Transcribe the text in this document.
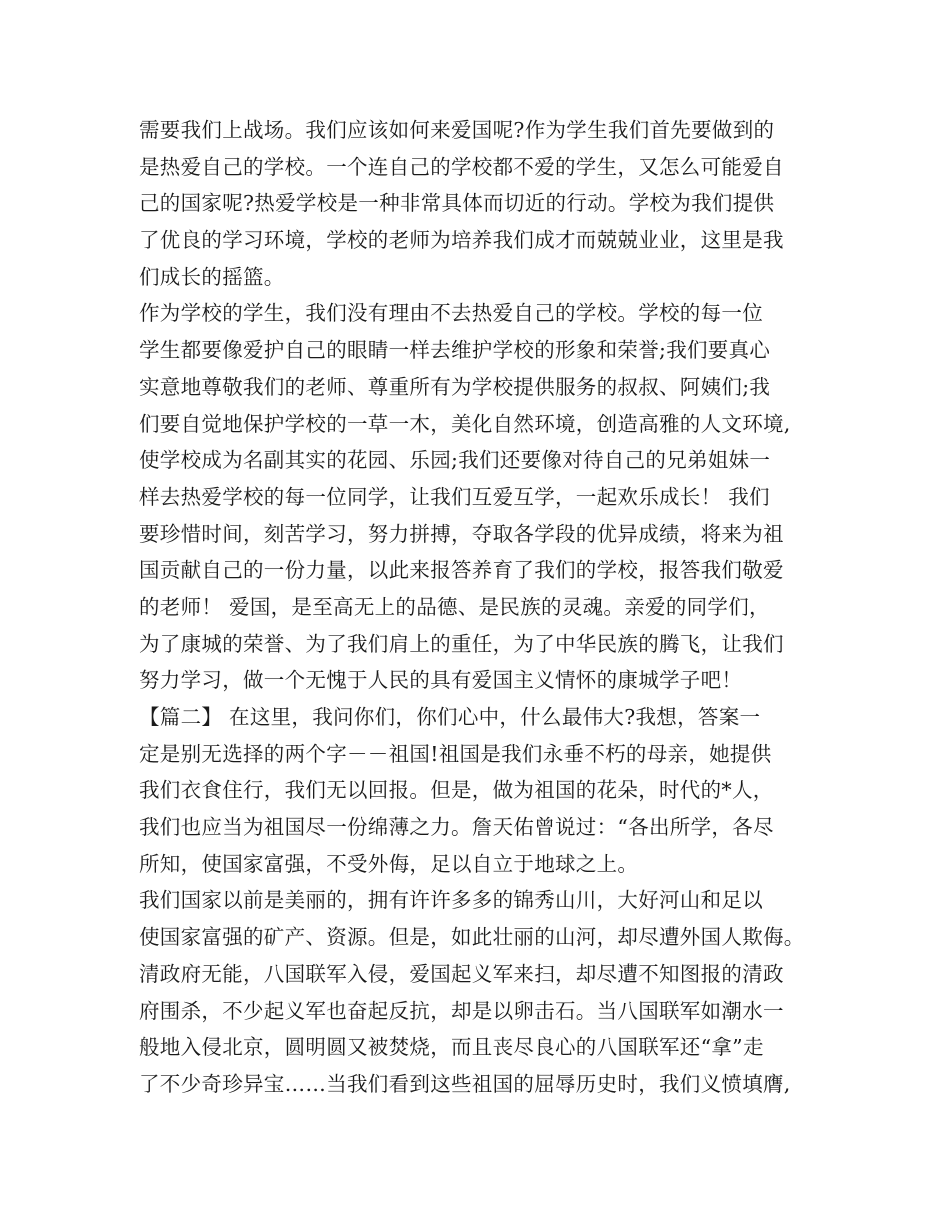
需要我们上战场。我们应该如何来爱国呢?作为学生我们首先要做到的
是热爱自己的学校。一个连自己的学校都不爱的学生，又怎么可能爱自
己的国家呢?热爱学校是一种非常具体而切近的行动。学校为我们提供
了优良的学习环境，学校的老师为培养我们成才而兢兢业业，这里是我
们成长的摇篮。
作为学校的学生，我们没有理由不去热爱自己的学校。学校的每一位
学生都要像爱护自己的眼睛一样去维护学校的形象和荣誉;我们要真心
实意地尊敬我们的老师、尊重所有为学校提供服务的叔叔、阿姨们;我
们要自觉地保护学校的一草一木，美化自然环境，创造高雅的人文环境,
使学校成为名副其实的花园、乐园;我们还要像对待自己的兄弟姐妹一
样去热爱学校的每一位同学，让我们互爱互学，一起欢乐成长！ 我们
要珍惜时间，刻苦学习，努力拼搏，夺取各学段的优异成绩，将来为祖
国贡献自己的一份力量，以此来报答养育了我们的学校，报答我们敬爱
的老师！ 爱国，是至高无上的品德、是民族的灵魂。亲爱的同学们，
为了康城的荣誉、为了我们肩上的重任，为了中华民族的腾飞，让我们
努力学习，做一个无愧于人民的具有爱国主义情怀的康城学子吧！
【篇二】 在这里，我问你们，你们心中，什么最伟大?我想，答案一
定是别无选择的两个字－－祖国!祖国是我们永垂不朽的母亲，她提供
我们衣食住行，我们无以回报。但是，做为祖国的花朵，时代的*人，
我们也应当为祖国尽一份绵薄之力。詹天佑曾说过：“各出所学，各尽
所知，使国家富强，不受外侮，足以自立于地球之上。
我们国家以前是美丽的，拥有许许多多的锦秀山川，大好河山和足以
使国家富强的矿产、资源。但是，如此壮丽的山河，却尽遭外国人欺侮。
清政府无能，八国联军入侵，爱国起义军来扫，却尽遭不知图报的清政
府围杀，不少起义军也奋起反抗，却是以卵击石。当八国联军如潮水一
般地入侵北京，圆明圆又被焚烧，而且丧尽良心的八国联军还“拿”走
了不少奇珍异宝……当我们看到这些祖国的屈辱历史时，我们义愤填膺,
